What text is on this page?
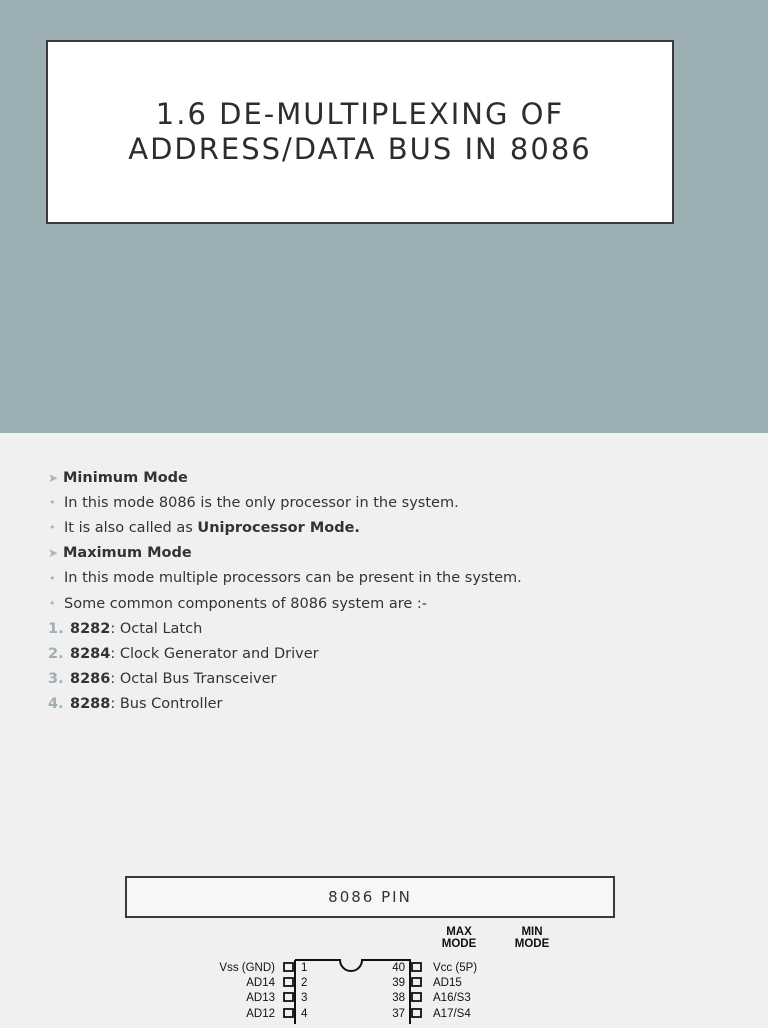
1.6 DE-MULTIPLEXING OF ADDRESS/DATA BUS IN 8086
➤ Minimum Mode
• In this mode 8086 is the only processor in the system.
• It is also called as
Uniprocessor Mode.
➤ Maximum Mode
• In this mode multiple processors can be present in the system.
• Some common components of 8086 system are :-
1. 8282 : Octal Latch
2. 8284 : Clock Generator and Driver
3. 8286 : Octal Bus Transceiver
4. 8288 : Bus Controller
8086 PIN
MAX
MODE
MIN
MODE
Vss (GND)
AD14
AD13
AD12
1
2
3
4
40
39
38
37
Vcc (5P)
AD15
A16/S3
A17/S4
